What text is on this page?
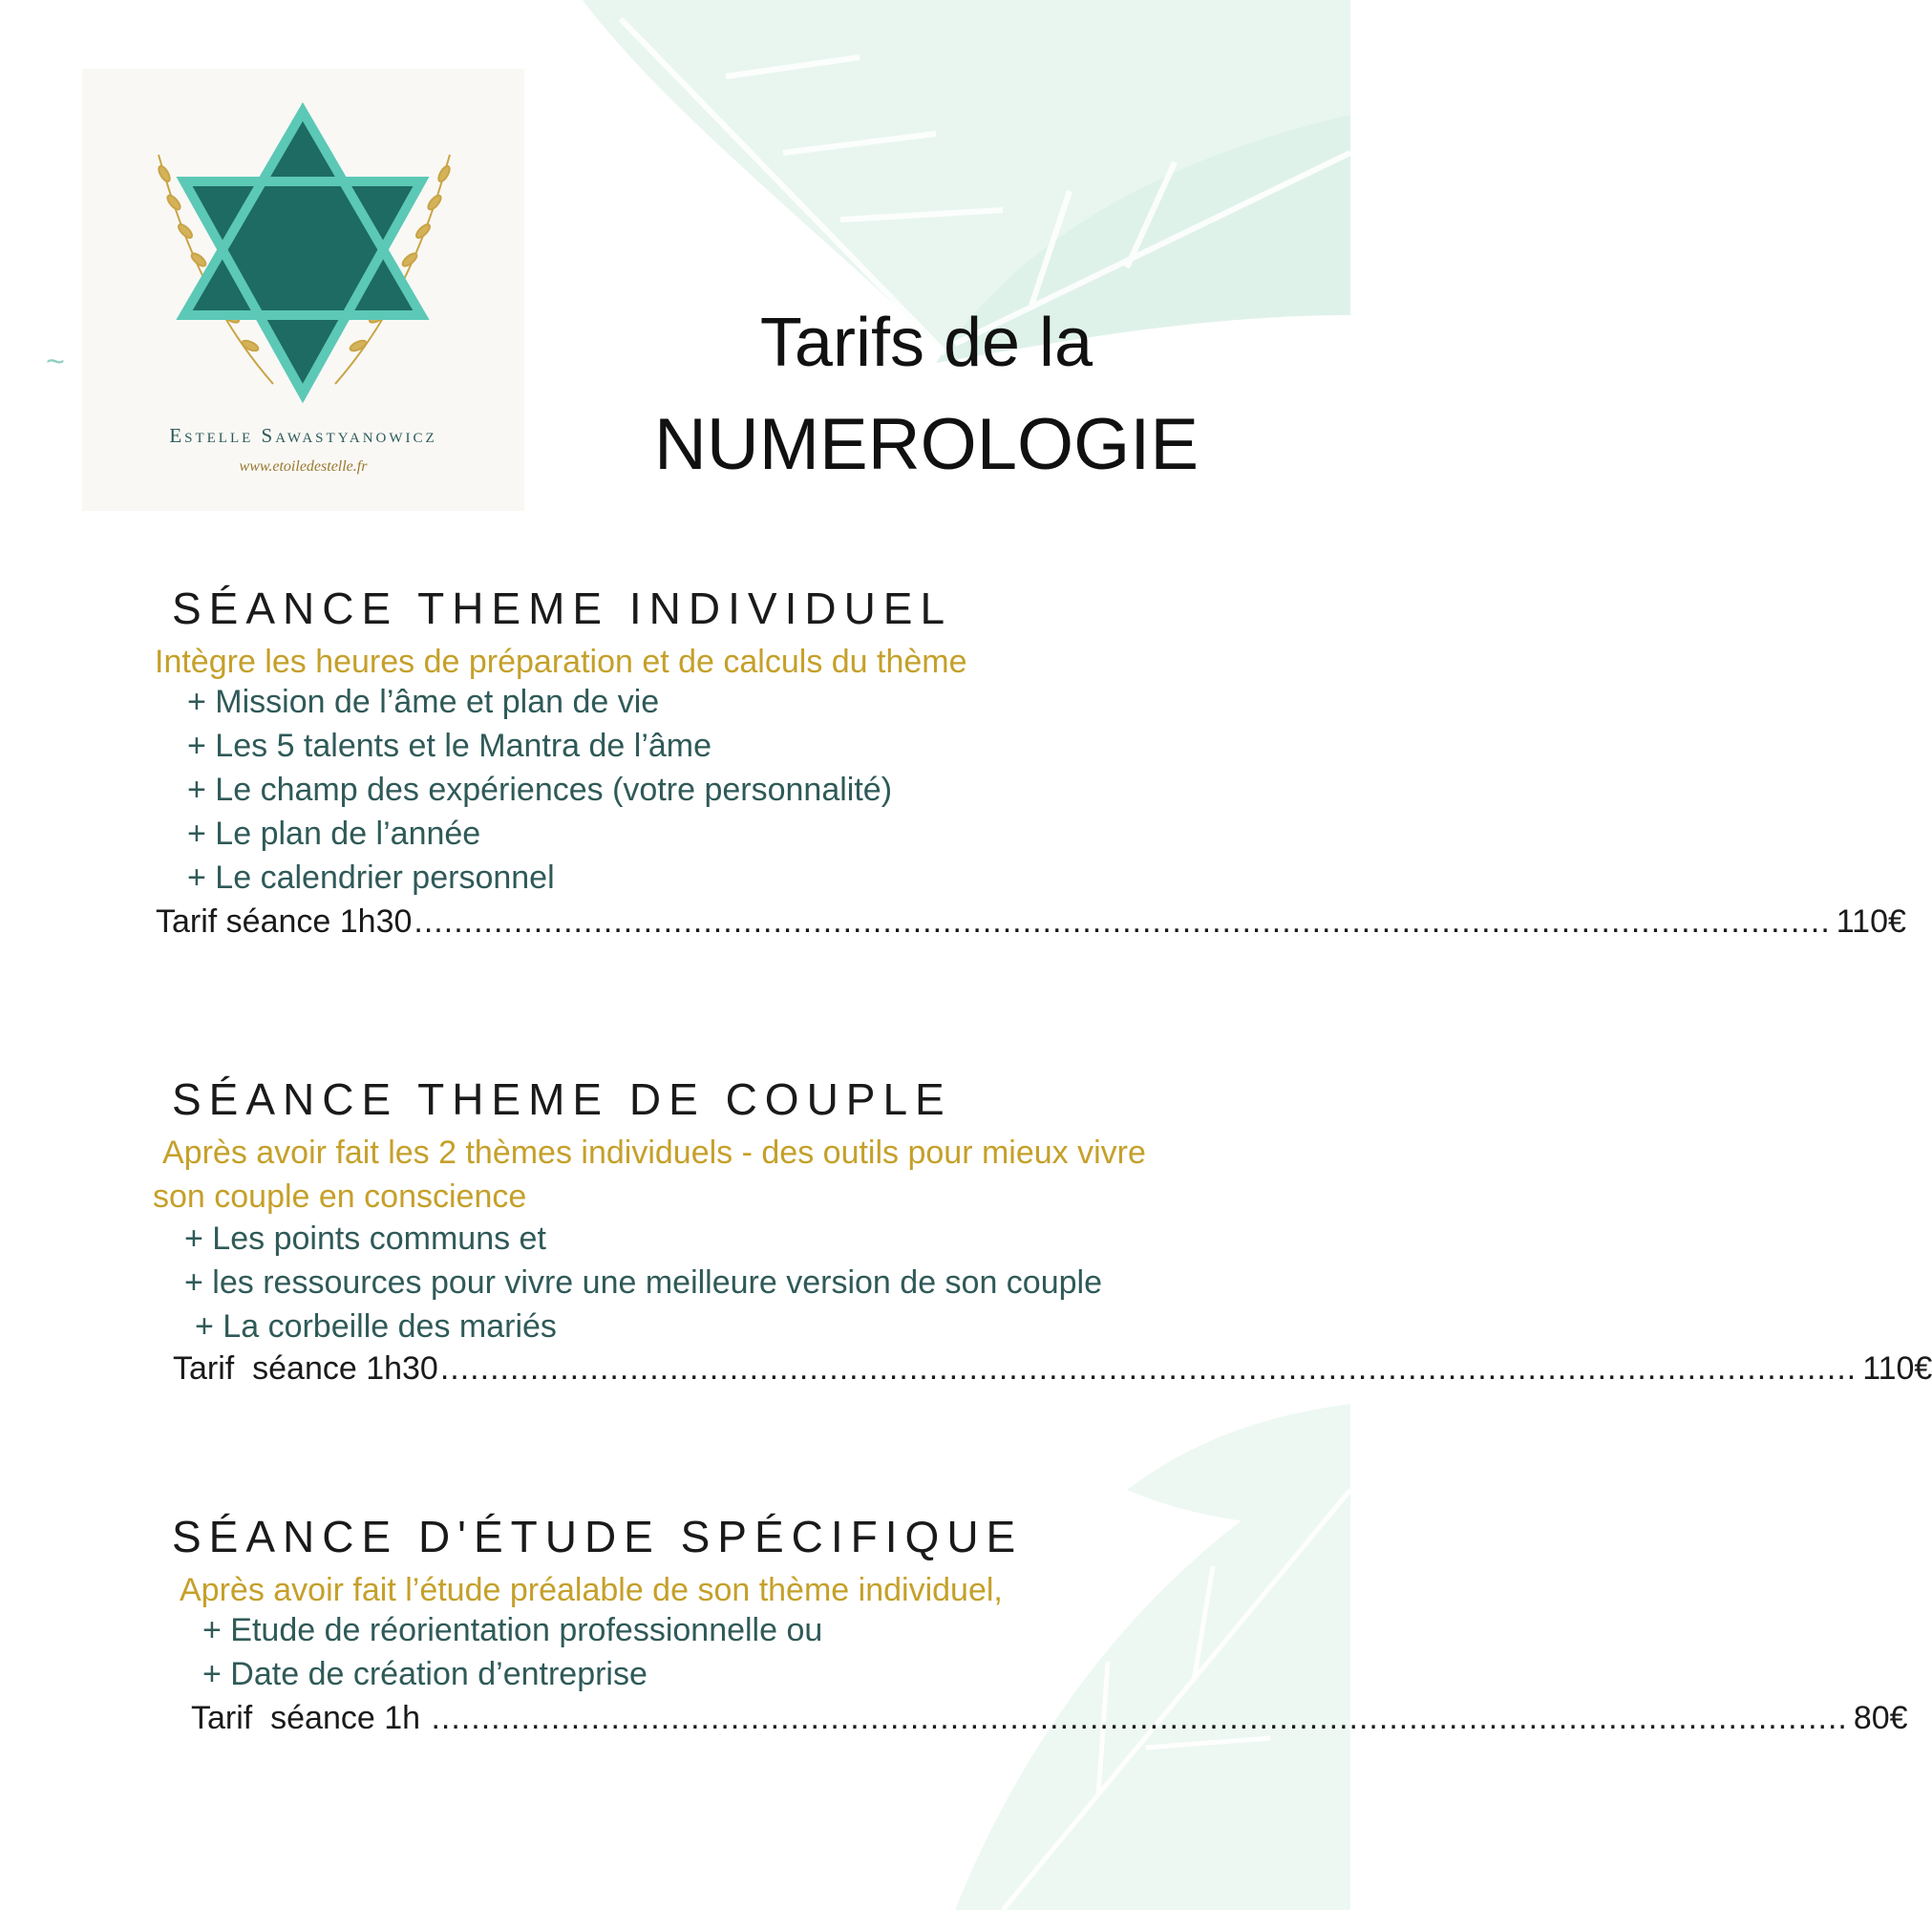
~
Estelle Sawastyanowicz
www.etoiledestelle.fr
Tarifs de la
NUMEROLOGIE
SÉANCE THEME INDIVIDUEL
Intègre les heures de préparation et de calculs du thème
+ Mission de l’âme et plan de vie
+ Les 5 talents et le Mantra de l’âme
+ Le champ des expériences (votre personnalité)
+ Le plan de l’année
+ Le calendrier personnel
Tarif séance 1h30 .............................................................................................................................................. 110€
SÉANCE THEME DE COUPLE
Après avoir fait les 2 thèmes individuels - des outils pour mieux vivre
son couple en conscience
+ Les points communs et
+ les ressources pour vivre une meilleure version de son couple
+ La corbeille des mariés
Tarif  séance 1h30 .............................................................................................................................................. 110€
SÉANCE D'ÉTUDE SPÉCIFIQUE
Après avoir fait l’étude préalable de son thème individuel,
+ Etude de réorientation professionnelle ou
+ Date de création d’entreprise
Tarif  séance 1h .............................................................................................................................................. 80€
